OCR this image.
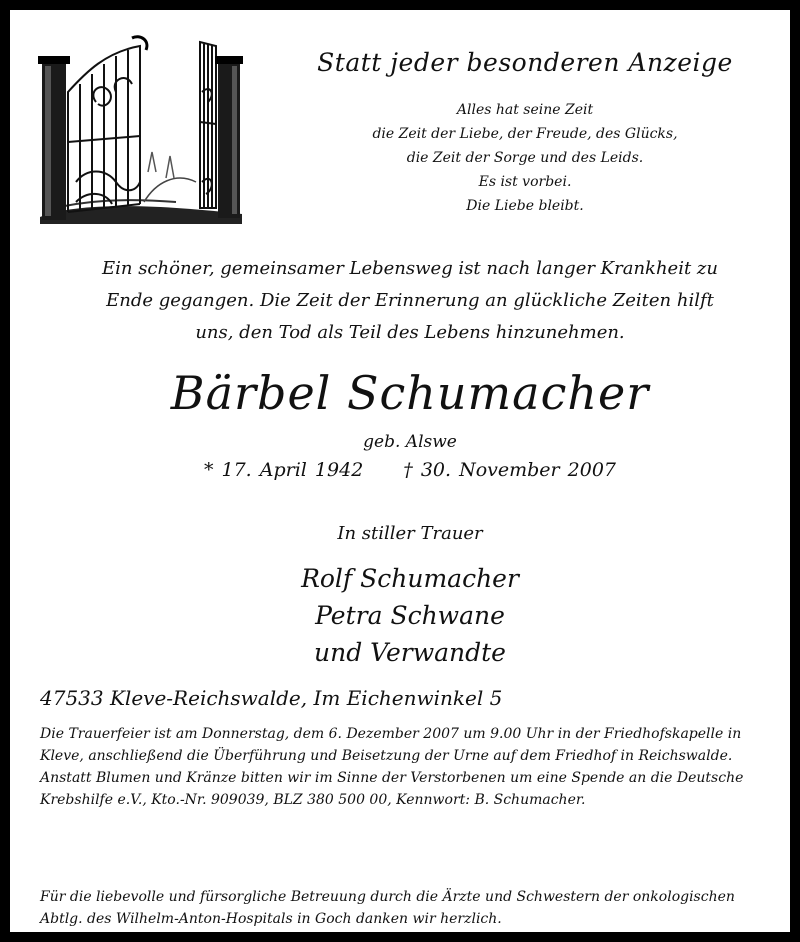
Statt jeder besonderen Anzeige
Alles hat seine Zeit
die Zeit der Liebe, der Freude, des Glücks,
die Zeit der Sorge und des Leids.
Es ist vorbei.
Die Liebe bleibt.
Ein schöner, gemeinsamer Lebensweg ist nach langer Krankheit zu
Ende gegangen. Die Zeit der Erinnerung an glückliche Zeiten hilft
uns, den Tod als Teil des Lebens hinzunehmen.
Bärbel Schumacher
geb. Alswe
* 17. April 1942 † 30. November 2007
In stiller Trauer
Rolf Schumacher
Petra Schwane
und Verwandte
47533 Kleve-Reichswalde, Im Eichenwinkel 5

Die Trauerfeier ist am Donnerstag, dem 6. Dezember 2007 um 9.00 Uhr in der Friedhofskapelle in Kleve, anschließend die Überführung und Beisetzung der Urne auf dem Friedhof in Reichswalde.

Anstatt Blumen und Kränze bitten wir im Sinne der Verstorbenen um eine Spende an die Deutsche Krebshilfe e.V., Kto.-Nr. 909039, BLZ 380 500 00, Kennwort: B. Schumacher.

Für die liebevolle und fürsorgliche Betreuung durch die Ärzte und Schwestern der onkologischen Abtlg. des Wilhelm-Anton-Hospitals in Goch danken wir herzlich.
